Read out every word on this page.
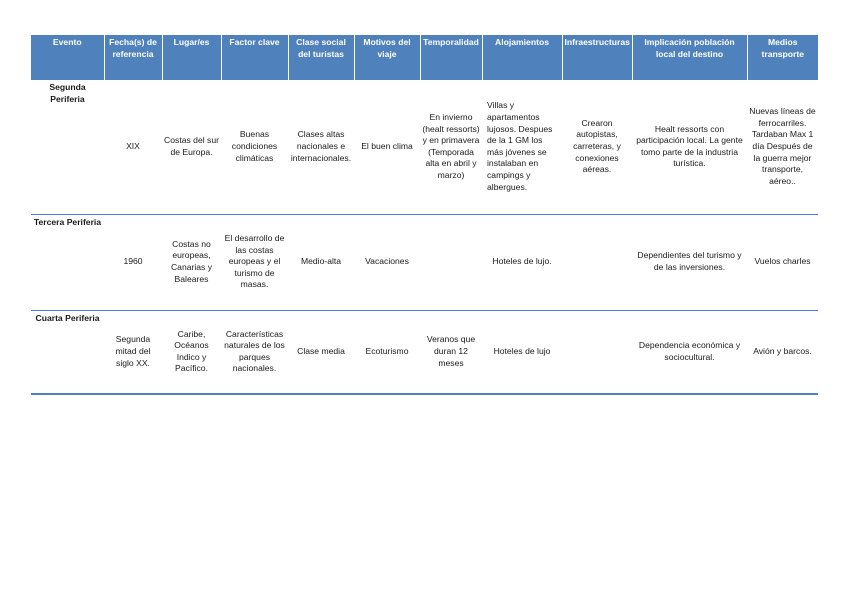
Evento	Fecha(s) de referencia	Lugar/es	Factor clave	Clase social del turistas	Motivos del viaje	Temporalidad	Alojamientos	Infraestructuras	Implicación población local del destino	Medios transporte
Segunda Periferia	XIX	Costas del sur de Europa.	Buenas condiciones climáticas	Clases altas nacionales e internacionales.	El buen clima	En invierno (healt ressorts) y en primavera (Temporada alta en abril y marzo)	Villas y apartamentos lujosos. Despues de la 1 GM los más jóvenes se instalaban en campings y albergues.	Crearon autopistas, carreteras, y conexiones aéreas.	Healt ressorts con participación local. La gente tomo parte de la industria turística.	Nuevas líneas de ferrocarriles. Tardaban Max 1 día Después de la guerra mejor transporte, aéreo..
Tercera Periferia	1960	Costas no europeas, Canarias y Baleares	El desarrollo de las costas europeas y el turismo de masas.	Medio-alta	Vacaciones		Hoteles de lujo.		Dependientes del turismo y de las inversiones.	Vuelos charles
Cuarta Periferia	Segunda mitad del siglo XX.	Caribe, Océanos Indico y Pacífico.	Características naturales de los parques nacionales.	Clase media	Ecoturismo	Veranos que duran 12 meses	Hoteles de lujo		Dependencia económica y sociocultural.	Avión y barcos.
